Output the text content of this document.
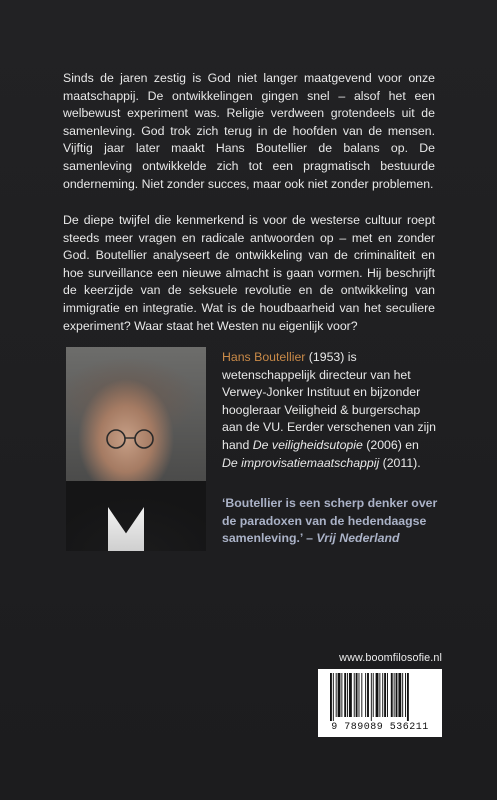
Sinds de jaren zestig is God niet langer maatgevend voor onze maatschappij. De ontwikkelingen gingen snel – alsof het een welbewust experiment was. Religie verdween grotendeels uit de samenleving. God trok zich terug in de hoofden van de mensen. Vijftig jaar later maakt Hans Boutellier de balans op. De samenleving ontwikkelde zich tot een pragmatisch bestuurde onderneming. Niet zonder succes, maar ook niet zonder problemen.

De diepe twijfel die kenmerkend is voor de westerse cultuur roept steeds meer vragen en radicale antwoorden op – met en zonder God. Boutellier analyseert de ontwikkeling van de criminaliteit en hoe surveillance een nieuwe almacht is gaan vormen. Hij beschrijft de keerzijde van de seksuele revolutie en de ontwikkeling van immigratie en integratie. Wat is de houdbaarheid van het seculiere experiment? Waar staat het Westen nu eigenlijk voor?

Hans Boutellier (1953) is wetenschappelijk directeur van het Verwey-Jonker Instituut en bijzonder hoogleraar Veiligheid & burgerschap aan de VU. Eerder verschenen van zijn hand De veiligheidsutopie (2006) en De improvisatiemaatschappij (2011).

‘Boutellier is een scherp denker over de paradoxen van de hedendaagse samenleving.’ – Vrij Nederland

www.boomfilosofie.nl
9 789089 536211
